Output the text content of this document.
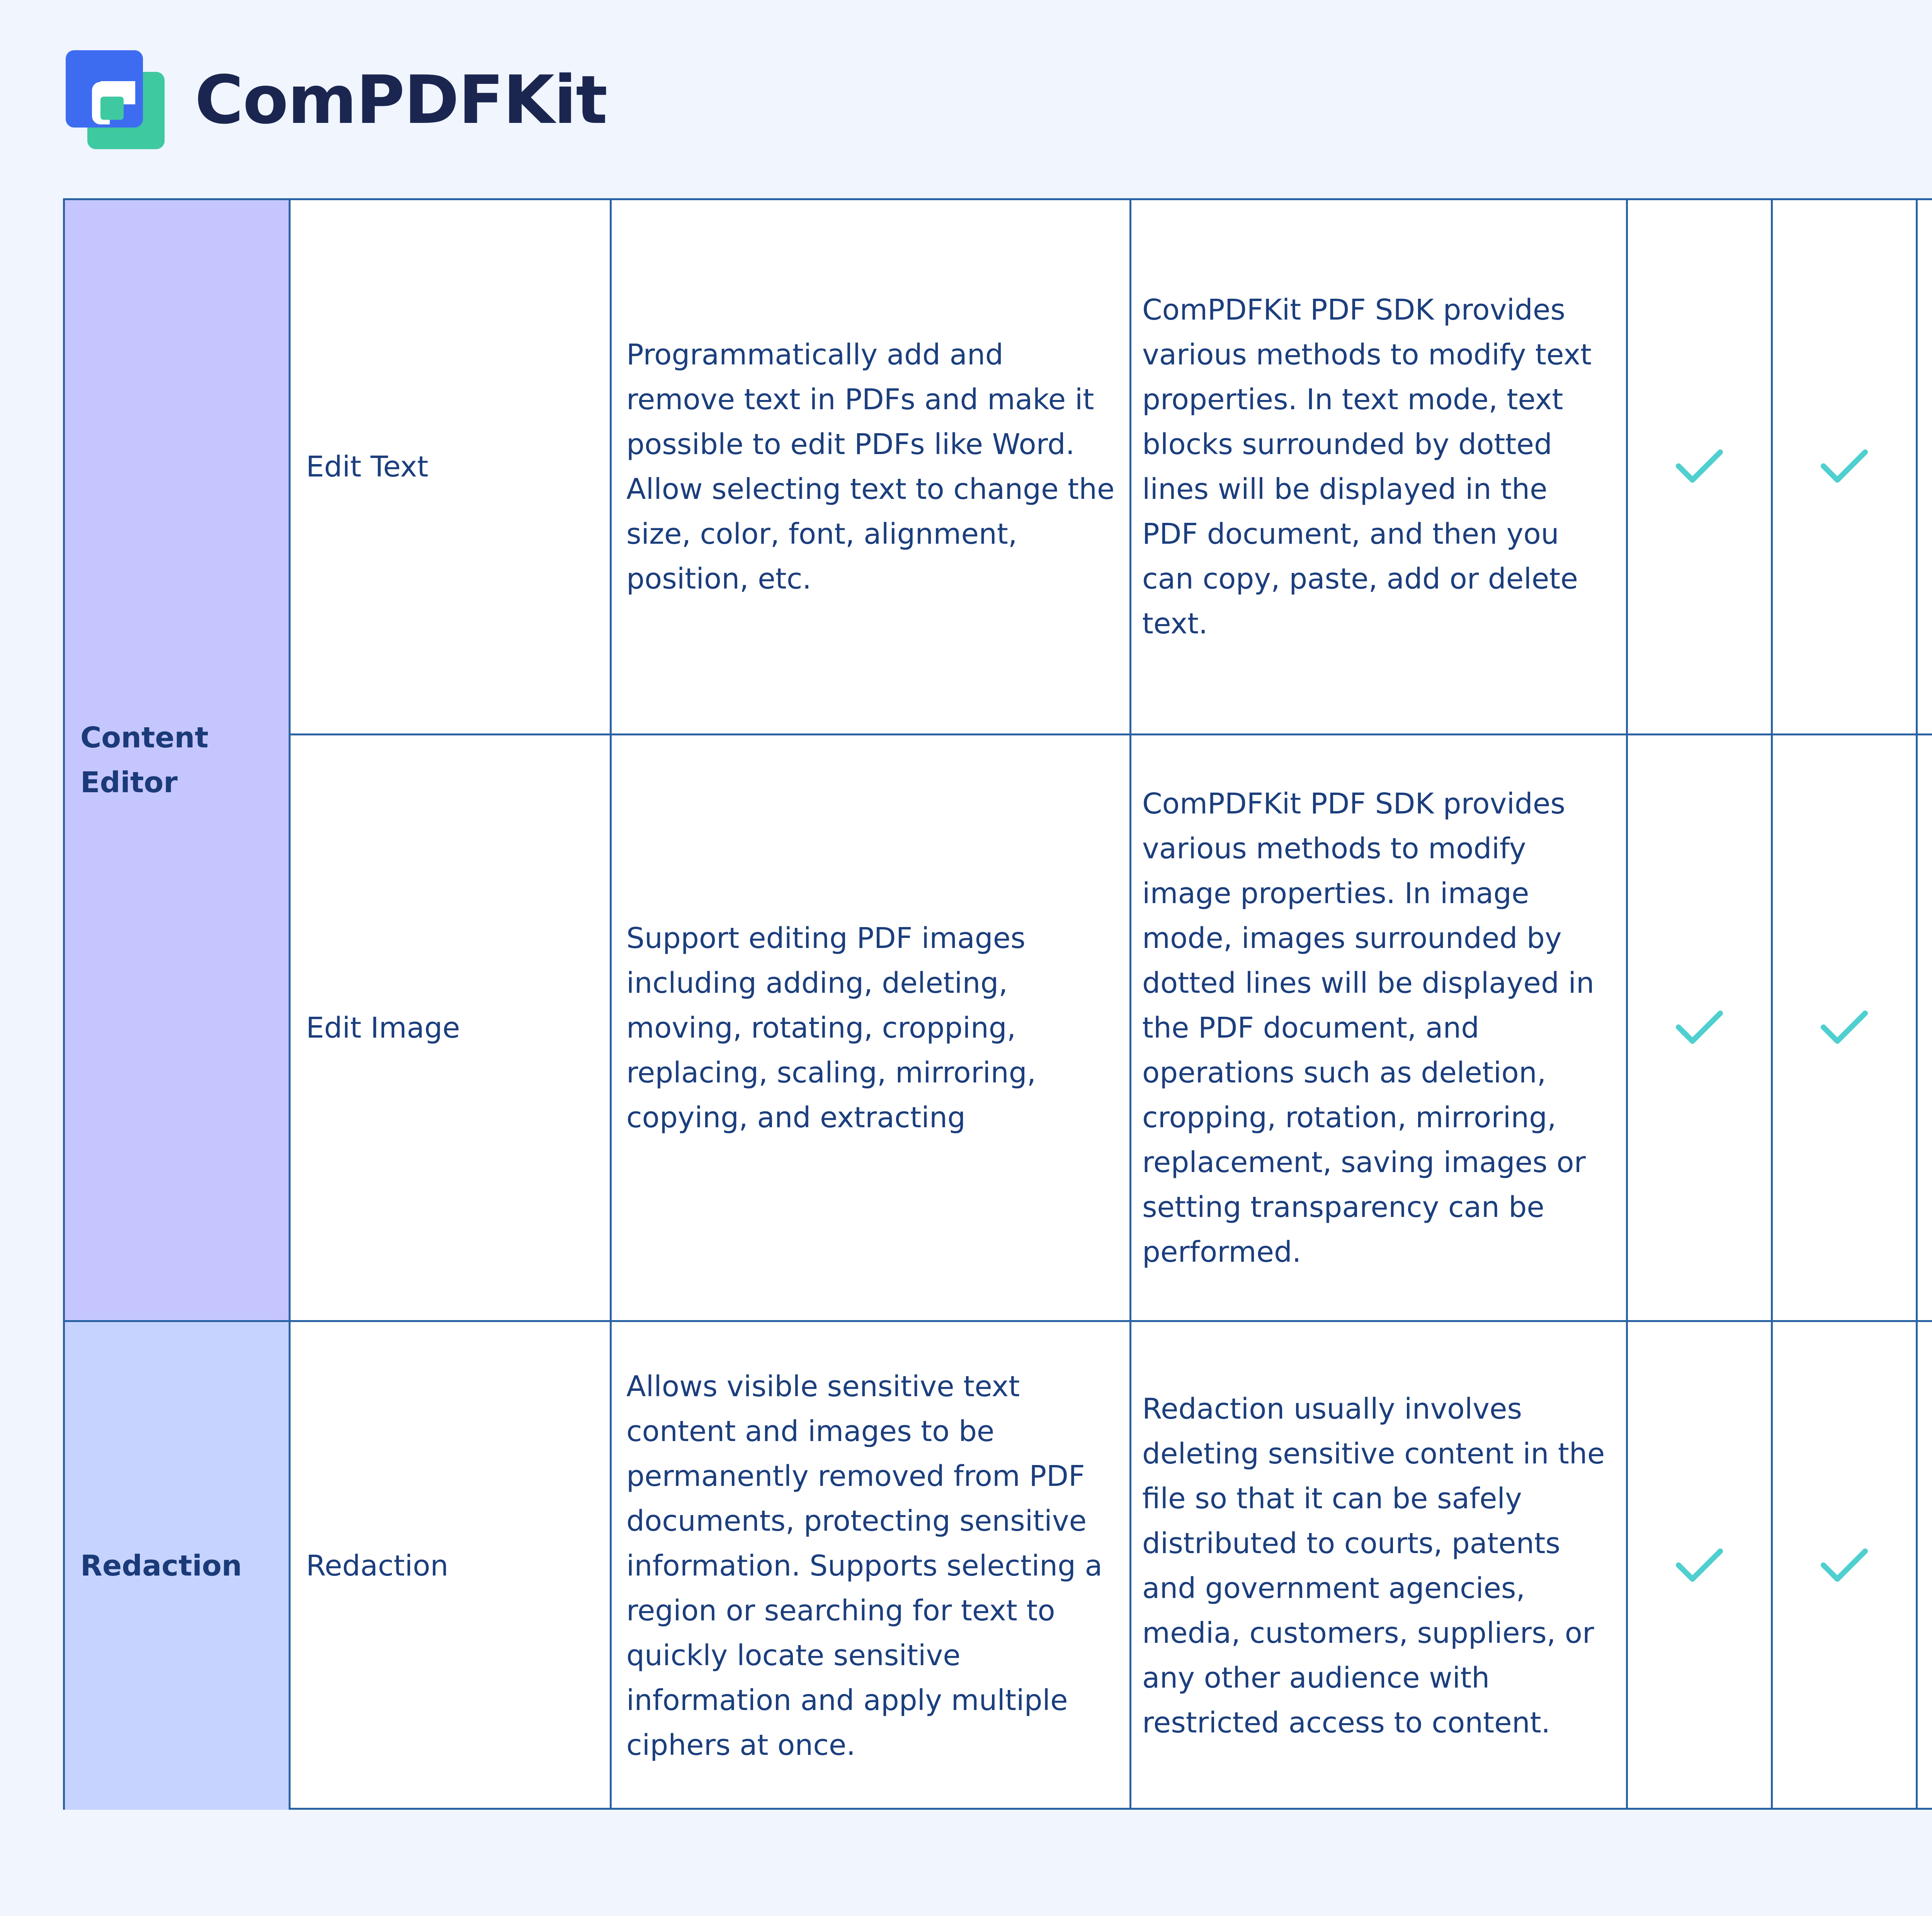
ComPDFKit
Edit Text
Programmatically add and remove text in PDFs and make it possible to edit PDFs like Word. Allow selecting text to change the size, color, font, alignment, position, etc.
ComPDFKit PDF SDK provides various methods to modify text properties. In text mode, text blocks surrounded by dotted lines will be displayed in the PDF document, and then you can copy, paste, add or delete text.
Edit Image
Support editing PDF images including adding, deleting, moving, rotating, cropping, replacing, scaling, mirroring, copying, and extracting
ComPDFKit PDF SDK provides various methods to modify image properties. In image mode, images surrounded by dotted lines will be displayed in the PDF document, and operations such as deletion, cropping, rotation, mirroring, replacement, saving images or setting transparency can be performed.
Redaction
Allows visible sensitive text content and images to be permanently removed from PDF documents, protecting sensitive information. Supports selecting a region or searching for text to quickly locate sensitive information and apply multiple ciphers at once.
Redaction usually involves deleting sensitive content in the file so that it can be safely distributed to courts, patents and government agencies, media, customers, suppliers, or any other audience with restricted access to content.
Content
Editor
Redaction
